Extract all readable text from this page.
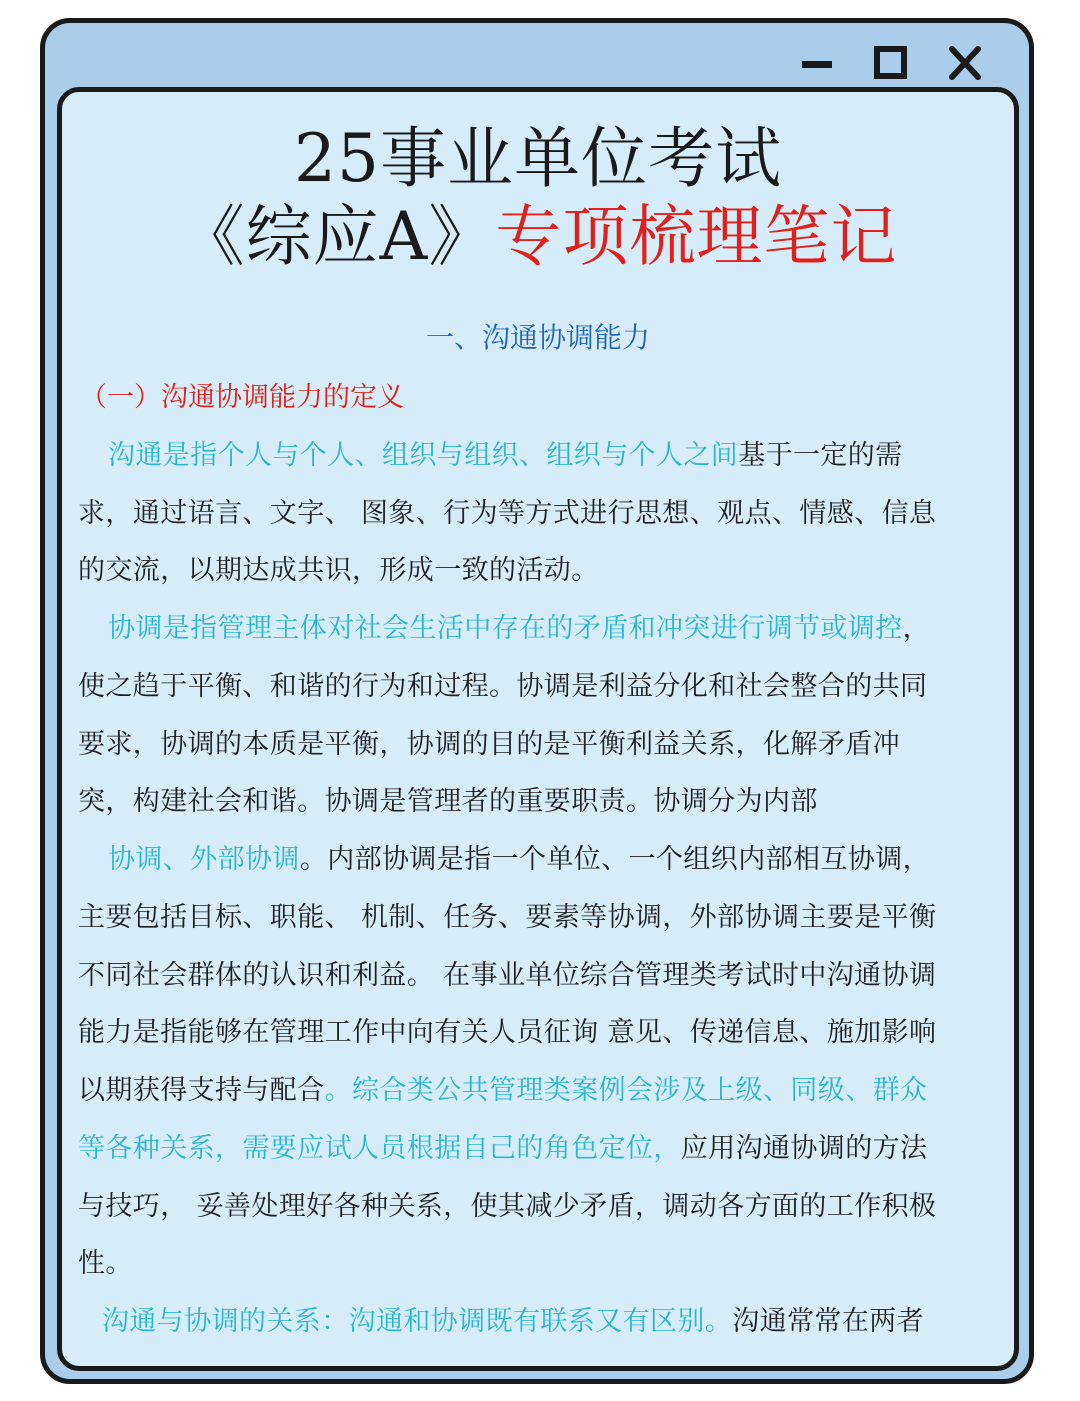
25事业单位考试
《综应A》专项梳理笔记
一、沟通协调能力
（一）沟通协调能力的定义
沟通是指个人与个人、组织与组织、组织与个人之间基于一定的需
求，通过语言、文字、 图象、行为等方式进行思想、观点、情感、信息
的交流，以期达成共识，形成一致的活动。
协调是指管理主体对社会生活中存在的矛盾和冲突进行调节或调控，
使之趋于平衡、和谐的行为和过程。协调是利益分化和社会整合的共同
要求，协调的本质是平衡，协调的目的是平衡利益关系，化解矛盾冲
突，构建社会和谐。协调是管理者的重要职责。协调分为内部
协调、外部协调。内部协调是指一个单位、一个组织内部相互协调，
主要包括目标、职能、 机制、任务、要素等协调，外部协调主要是平衡
不同社会群体的认识和利益。 在事业单位综合管理类考试时中沟通协调
能力是指能够在管理工作中向有关人员征询 意见、传递信息、施加影响
以期获得支持与配合。综合类公共管理类案例会涉及上级、同级、群众
等各种关系，需要应试人员根据自己的角色定位，应用沟通协调的方法
与技巧， 妥善处理好各种关系，使其减少矛盾，调动各方面的工作积极
性。
沟通与协调的关系：沟通和协调既有联系又有区别。沟通常常在两者
